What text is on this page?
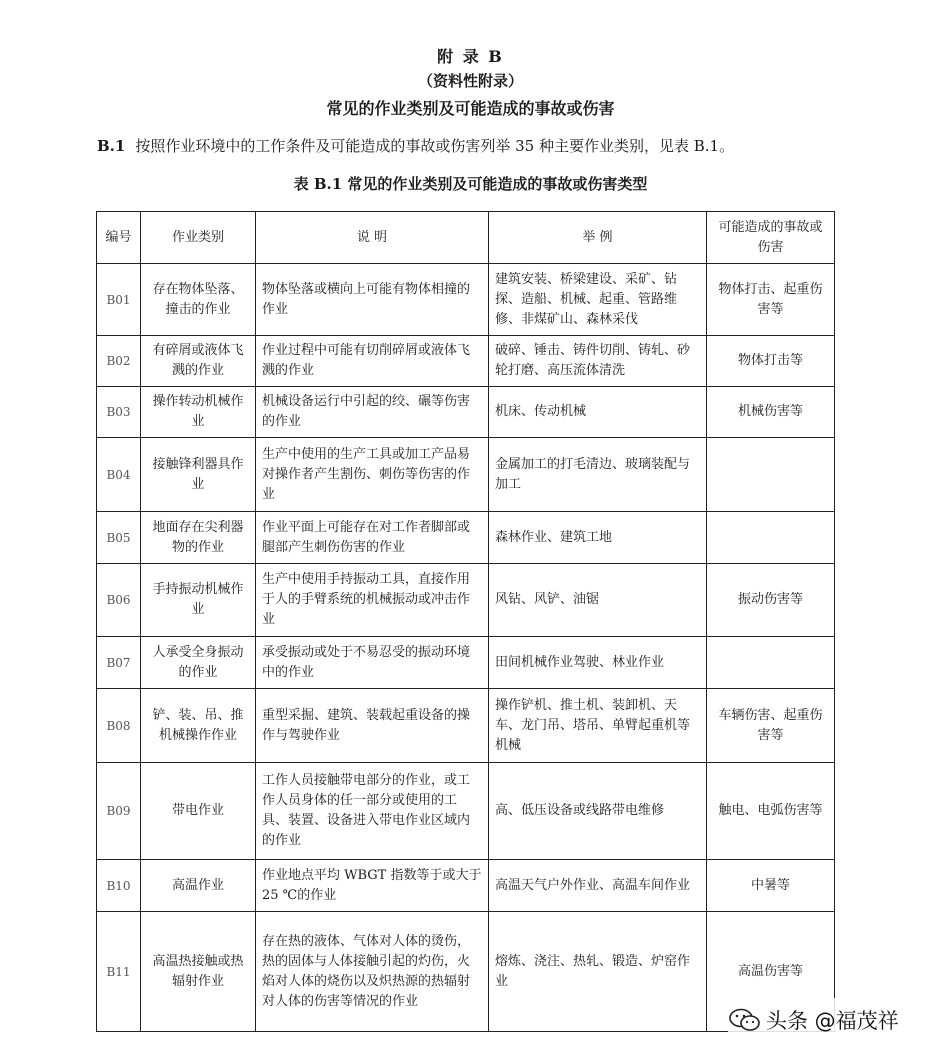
附 录 B
（资料性附录）
常见的作业类别及可能造成的事故或伤害
B.1 按照作业环境中的工作条件及可能造成的事故或伤害列举 35 种主要作业类别，见表 B.1。
表 B.1 常见的作业类别及可能造成的事故或伤害类型
编号	作业类别	说 明	举 例	可能造成的事故或伤害
B01	存在物体坠落、撞击的作业	物体坠落或横向上可能有物体相撞的作业	建筑安装、桥梁建设、采矿、钻探、造船、机械、起重、管路维修、非煤矿山、森林采伐	物体打击、起重伤害等
B02	有碎屑或液体飞溅的作业	作业过程中可能有切削碎屑或液体飞溅的作业	破碎、锤击、铸件切削、铸轧、砂轮打磨、高压流体清洗	物体打击等
B03	操作转动机械作业	机械设备运行中引起的绞、碾等伤害的作业	机床、传动机械	机械伤害等
B04	接触锋利器具作业	生产中使用的生产工具或加工产品易对操作者产生割伤、刺伤等伤害的作业	金属加工的打毛清边、玻璃装配与加工	
B05	地面存在尖利器物的作业	作业平面上可能存在对工作者脚部或腿部产生刺伤伤害的作业	森林作业、建筑工地	
B06	手持振动机械作业	生产中使用手持振动工具，直接作用于人的手臂系统的机械振动或冲击作业	风钻、风铲、油锯	振动伤害等
B07	人承受全身振动的作业	承受振动或处于不易忍受的振动环境中的作业	田间机械作业驾驶、林业作业	
B08	铲、装、吊、推机械操作作业	重型采掘、建筑、装载起重设备的操作与驾驶作业	操作铲机、推土机、装卸机、天车、龙门吊、塔吊、单臂起重机等机械	车辆伤害、起重伤害等
B09	带电作业	工作人员接触带电部分的作业，或工作人员身体的任一部分或使用的工具、装置、设备进入带电作业区域内的作业	高、低压设备或线路带电维修	触电、电弧伤害等
B10	高温作业	作业地点平均 WBGT 指数等于或大于 25 ℃的作业	高温天气户外作业、高温车间作业	中暑等
B11	高温热接触或热辐射作业	存在热的液体、气体对人体的烫伤，热的固体与人体接触引起的灼伤，火焰对人体的烧伤以及炽热源的热辐射对人体的伤害等情况的作业	熔炼、浇注、热轧、锻造、炉窑作业	高温伤害等
头条 @福茂祥
